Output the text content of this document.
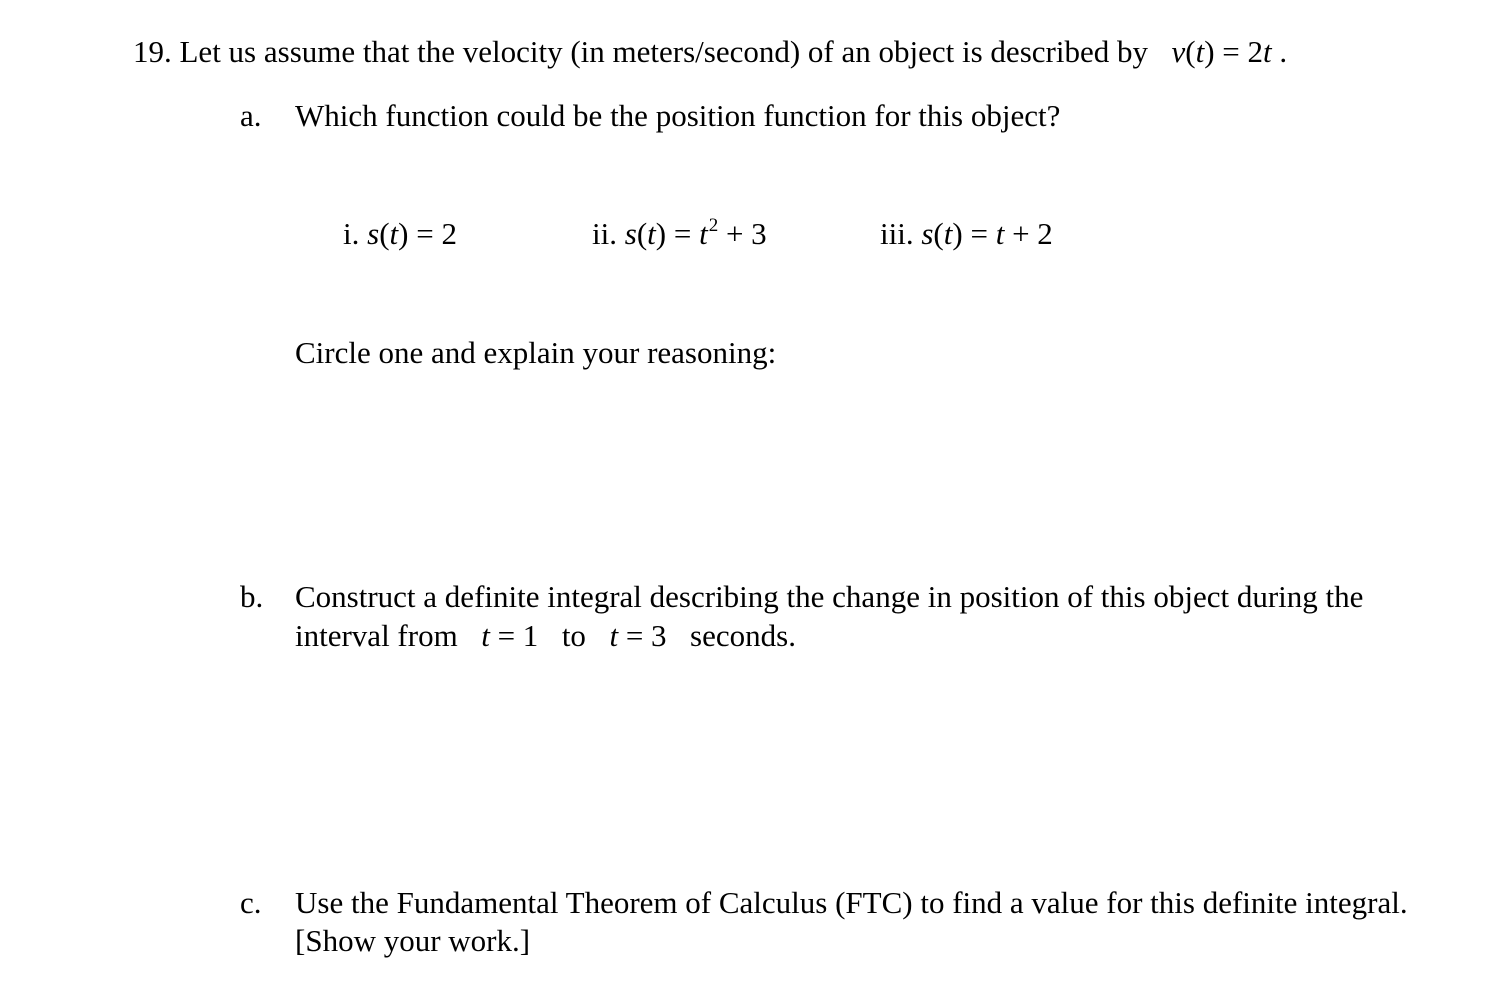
19. Let us assume that the velocity (in meters/second) of an object is described by v(t) = 2t .
a. Which function could be the position function for this object?
i. s(t) = 2	ii. $s(t) = t^2 + 3$	iii. s(t) = t + 2
Circle one and explain your reasoning:
b. Construct a definite integral describing the change in position of this object during the
interval from t = 1 to t = 3 seconds.
c. Use the Fundamental Theorem of Calculus (FTC) to find a value for this definite integral.
[Show your work.]
